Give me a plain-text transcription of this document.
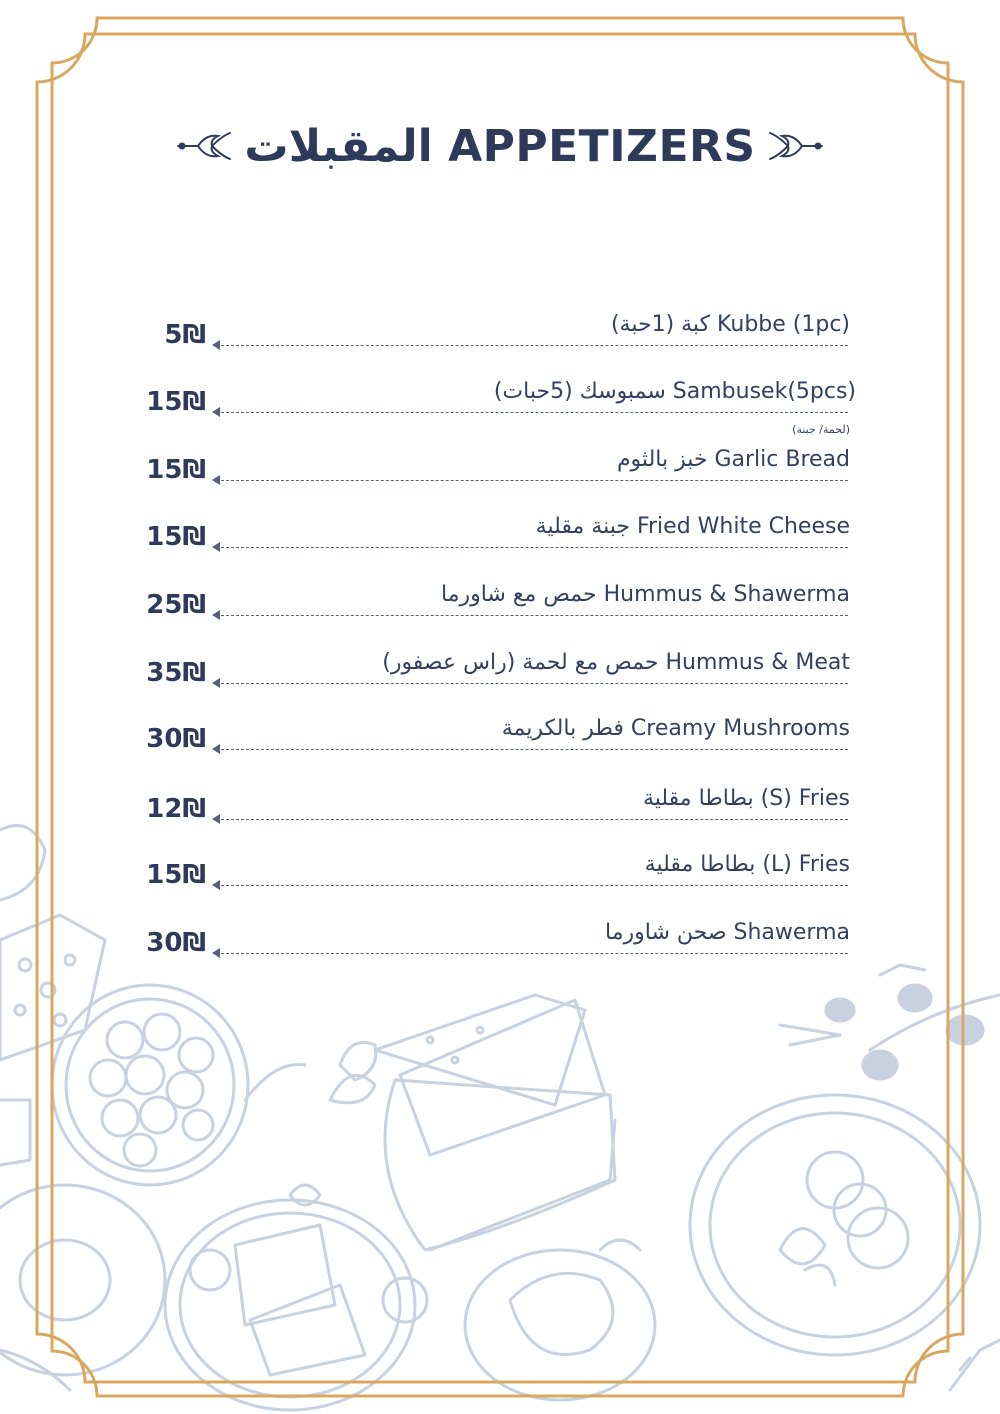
المقبلات APPETIZERS
5₪	كبة (1حبة) Kubbe (1pc)
15₪	سمبوسك (5حبات) Sambusek(5pcs)
(لحمة/ جبنة)
15₪	خبز بالثوم Garlic Bread
15₪	جبنة مقلية Fried White Cheese
25₪	حمص مع شاورما Hummus & Shawerma
35₪	حمص مع لحمة (راس عصفور) Hummus & Meat
30₪	فطر بالكريمة Creamy Mushrooms
12₪	بطاطا مقلية (S) Fries
15₪	بطاطا مقلية (L) Fries
30₪	صحن شاورما Shawerma
